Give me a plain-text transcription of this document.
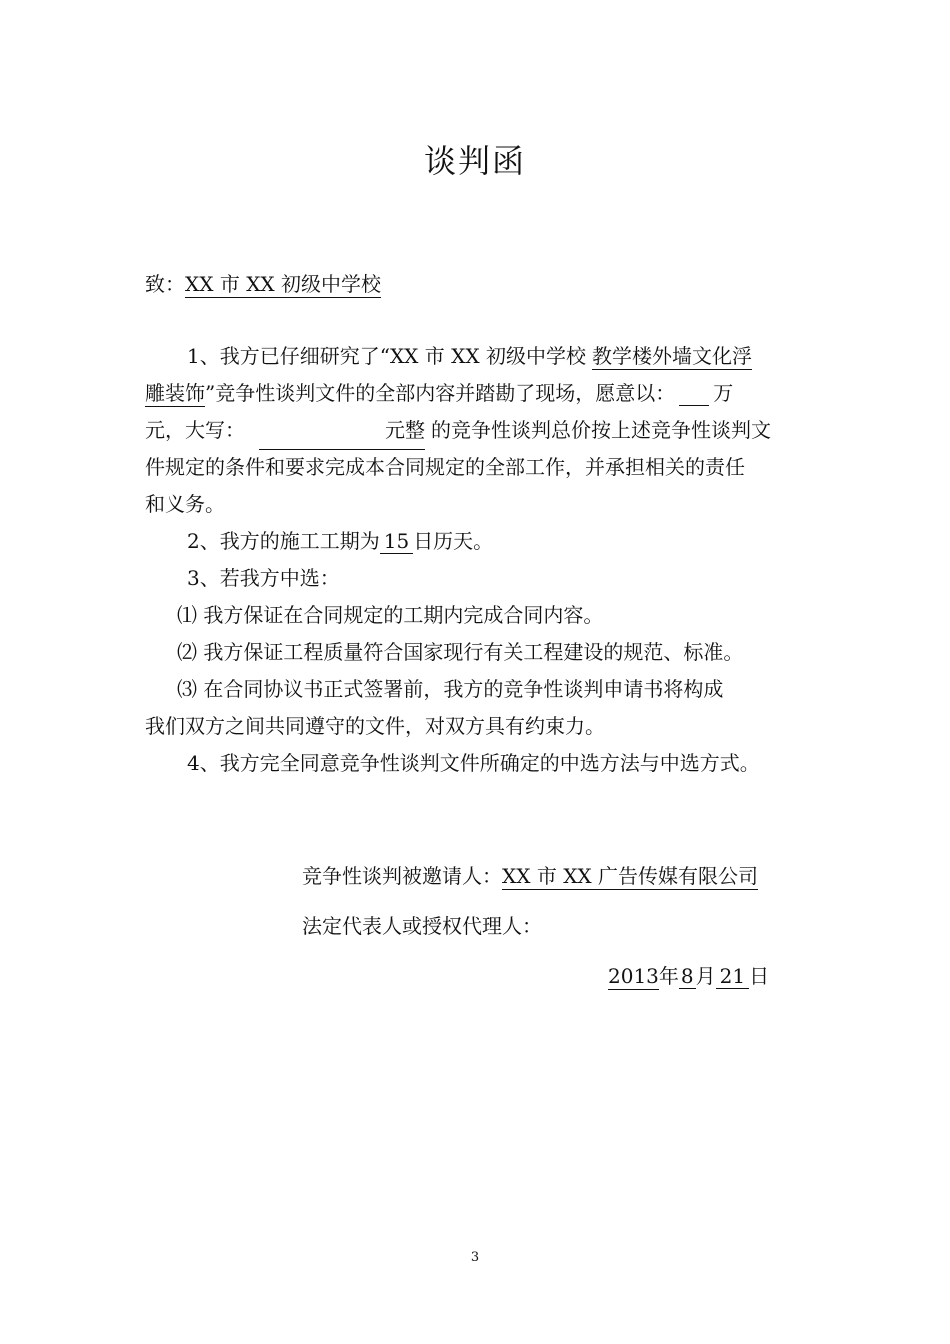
谈判函
致：XX 市 XX 初级中学校
1、我方已仔细研究了“XX 市 XX 初级中学校 教学楼外墙文化浮
雕装饰”竞争性谈判文件的全部内容并踏勘了现场，愿意以： 万
元，大写：	元整 的竞争性谈判总价按上述竞争性谈判文
件规定的条件和要求完成本合同规定的全部工作，并承担相关的责任
和义务。
2、我方的施工工期为 15 日历天。
3、若我方中选：
⑴ 我方保证在合同规定的工期内完成合同内容。
⑵ 我方保证工程质量符合国家现行有关工程建设的规范、标准。
⑶ 在合同协议书正式签署前，我方的竞争性谈判申请书将构成
我们双方之间共同遵守的文件，对双方具有约束力。
4、我方完全同意竞争性谈判文件所确定的中选方法与中选方式。
竞争性谈判被邀请人：XX 市 XX 广告传媒有限公司
法定代表人或授权代理人：
2013年 8 月 21 日
3
